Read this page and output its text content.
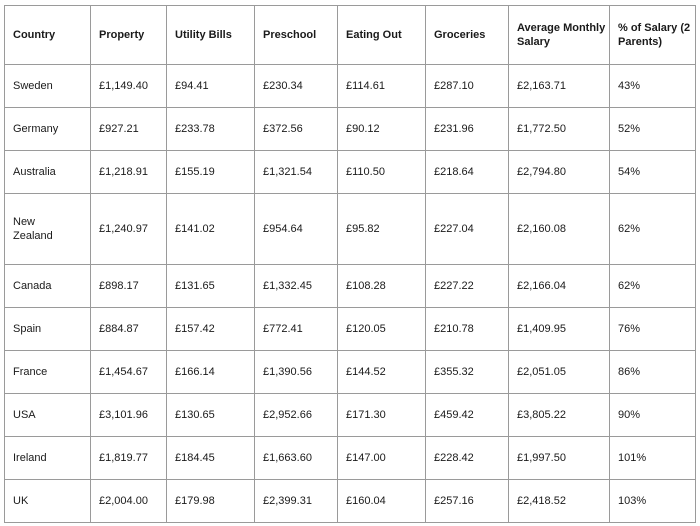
Country	Property	Utility Bills	Preschool	Eating Out	Groceries	Average Monthly Salary	% of Salary (2 Parents)
Sweden	£1,149.40	£94.41	£230.34	£114.61	£287.10	£2,163.71	43%
Germany	£927.21	£233.78	£372.56	£90.12	£231.96	£1,772.50	52%
Australia	£1,218.91	£155.19	£1,321.54	£110.50	£218.64	£2,794.80	54%
New Zealand	£1,240.97	£141.02	£954.64	£95.82	£227.04	£2,160.08	62%
Canada	£898.17	£131.65	£1,332.45	£108.28	£227.22	£2,166.04	62%
Spain	£884.87	£157.42	£772.41	£120.05	£210.78	£1,409.95	76%
France	£1,454.67	£166.14	£1,390.56	£144.52	£355.32	£2,051.05	86%
USA	£3,101.96	£130.65	£2,952.66	£171.30	£459.42	£3,805.22	90%
Ireland	£1,819.77	£184.45	£1,663.60	£147.00	£228.42	£1,997.50	101%
UK	£2,004.00	£179.98	£2,399.31	£160.04	£257.16	£2,418.52	103%
